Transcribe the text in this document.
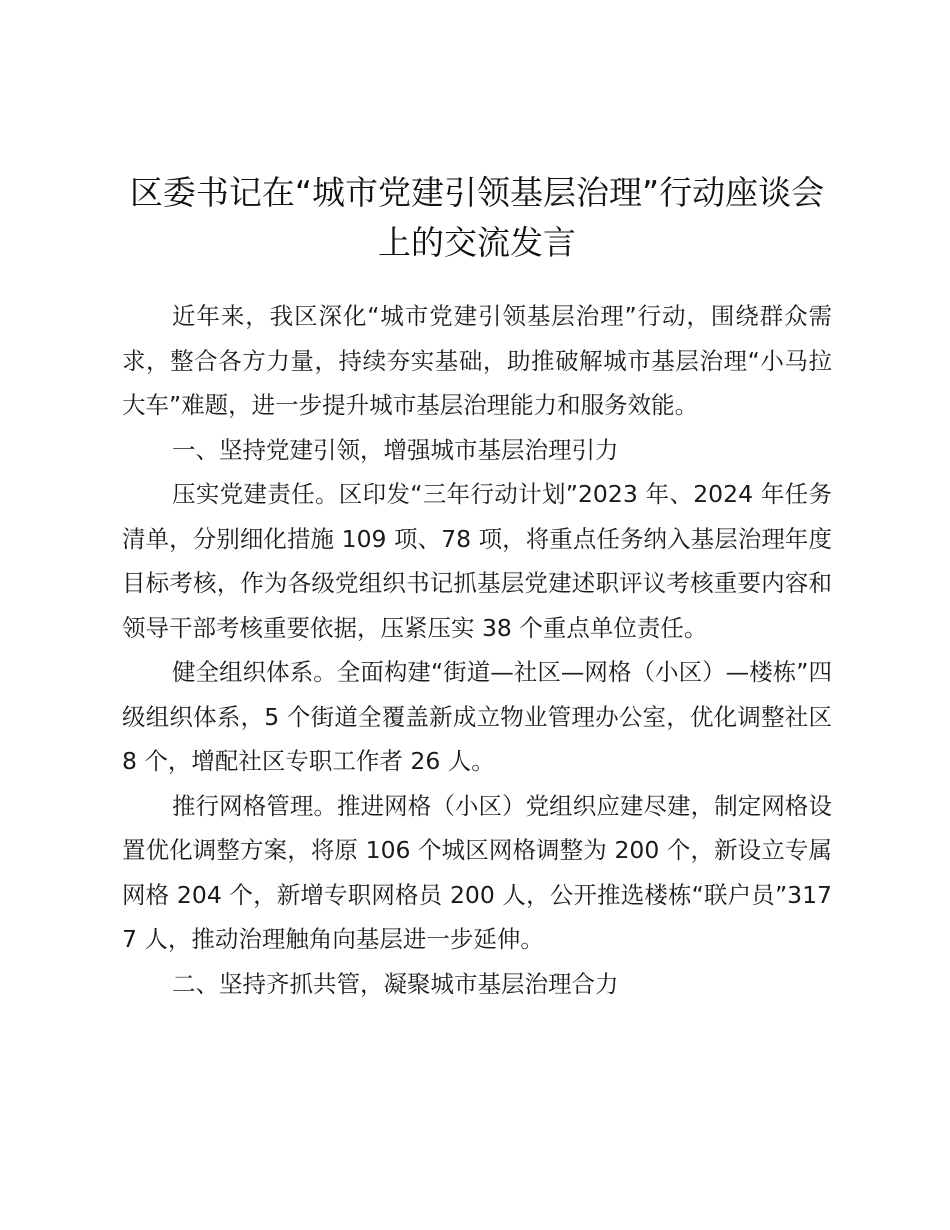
区委书记在“城市党建引领基层治理”行动座谈会上的交流发言

近年来，我区深化“城市党建引领基层治理”行动，围绕群众需求，整合各方力量，持续夯实基础，助推破解城市基层治理“小马拉大车”难题，进一步提升城市基层治理能力和服务效能。

一、坚持党建引领，增强城市基层治理引力

压实党建责任。区印发“三年行动计划”2023 年、2024 年任务清单，分别细化措施 109 项、78 项，将重点任务纳入基层治理年度目标考核，作为各级党组织书记抓基层党建述职评议考核重要内容和领导干部考核重要依据，压紧压实 38 个重点单位责任。

健全组织体系。全面构建“街道—社区—网格（小区）—楼栋”四级组织体系，5 个街道全覆盖新成立物业管理办公室，优化调整社区 8 个，增配社区专职工作者 26 人。

推行网格管理。推进网格（小区）党组织应建尽建，制定网格设置优化调整方案，将原 106 个城区网格调整为 200 个，新设立专属网格 204 个，新增专职网格员 200 人，公开推选楼栋“联户员”3177 人，推动治理触角向基层进一步延伸。

二、坚持齐抓共管，凝聚城市基层治理合力
